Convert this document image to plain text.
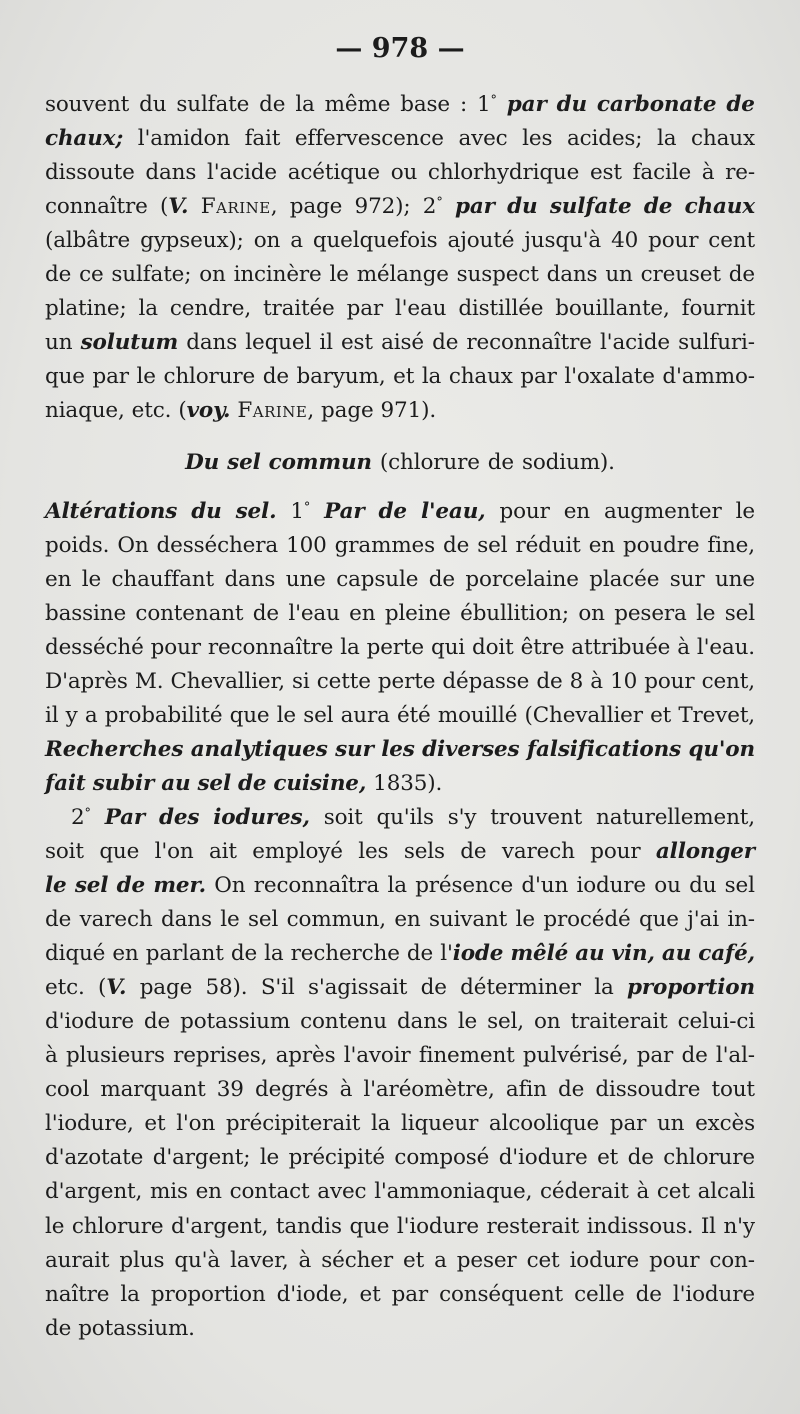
— 978 —
souvent du sulfate de la même base : 1° par du carbonate de
chaux; l'amidon fait effervescence avec les acides; la chaux
dissoute dans l'acide acétique ou chlorhydrique est facile à re-
connaître (V. Farine, page 972); 2° par du sulfate de chaux
(albâtre gypseux); on a quelquefois ajouté jusqu'à 40 pour cent
de ce sulfate; on incinère le mélange suspect dans un creuset de
platine; la cendre, traitée par l'eau distillée bouillante, fournit
un solutum dans lequel il est aisé de reconnaître l'acide sulfuri-
que par le chlorure de baryum, et la chaux par l'oxalate d'ammo-
niaque, etc. (voy. Farine, page 971).
Du sel commun (chlorure de sodium).
Altérations du sel. 1° Par de l'eau, pour en augmenter le
poids. On desséchera 100 grammes de sel réduit en poudre fine,
en le chauffant dans une capsule de porcelaine placée sur une
bassine contenant de l'eau en pleine ébullition; on pesera le sel
desséché pour reconnaître la perte qui doit être attribuée à l'eau.
D'après M. Chevallier, si cette perte dépasse de 8 à 10 pour cent,
il y a probabilité que le sel aura été mouillé (Chevallier et Trevet,
Recherches analytiques sur les diverses falsifications qu'on
fait subir au sel de cuisine, 1835).
2° Par des iodures, soit qu'ils s'y trouvent naturellement,
soit que l'on ait employé les sels de varech pour allonger
le sel de mer. On reconnaîtra la présence d'un iodure ou du sel
de varech dans le sel commun, en suivant le procédé que j'ai in-
diqué en parlant de la recherche de l'iode mêlé au vin, au café,
etc. (V. page 58). S'il s'agissait de déterminer la proportion
d'iodure de potassium contenu dans le sel, on traiterait celui-ci
à plusieurs reprises, après l'avoir finement pulvérisé, par de l'al-
cool marquant 39 degrés à l'aréomètre, afin de dissoudre tout
l'iodure, et l'on précipiterait la liqueur alcoolique par un excès
d'azotate d'argent; le précipité composé d'iodure et de chlorure
d'argent, mis en contact avec l'ammoniaque, céderait à cet alcali
le chlorure d'argent, tandis que l'iodure resterait indissous. Il n'y
aurait plus qu'à laver, à sécher et a peser cet iodure pour con-
naître la proportion d'iode, et par conséquent celle de l'iodure
de potassium.
